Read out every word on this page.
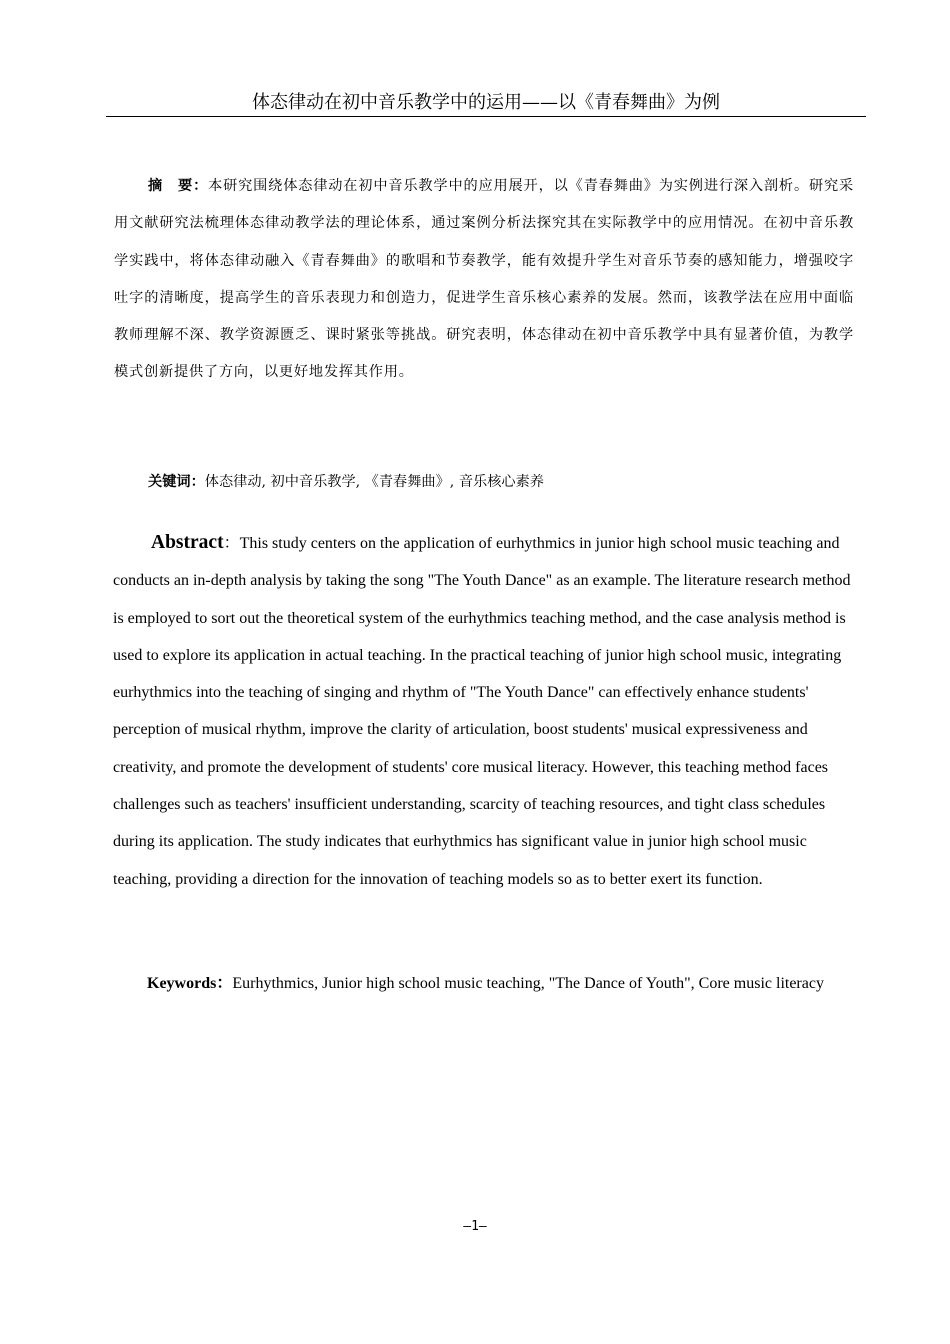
体态律动在初中音乐教学中的运用——以《青春舞曲》为例
摘　要：本研究围绕体态律动在初中音乐教学中的应用展开，以《青春舞曲》为实例进行深入剖析。研究采用文献研究法梳理体态律动教学法的理论体系，通过案例分析法探究其在实际教学中的应用情况。在初中音乐教学实践中，将体态律动融入《青春舞曲》的歌唱和节奏教学，能有效提升学生对音乐节奏的感知能力，增强咬字吐字的清晰度，提高学生的音乐表现力和创造力，促进学生音乐核心素养的发展。然而，该教学法在应用中面临教师理解不深、教学资源匮乏、课时紧张等挑战。研究表明，体态律动在初中音乐教学中具有显著价值，为教学模式创新提供了方向，以更好地发挥其作用。
关键词：体态律动, 初中音乐教学, 《青春舞曲》, 音乐核心素养
Abstract：This study centers on the application of eurhythmics in junior high school music teaching and conducts an in-depth analysis by taking the song "The Youth Dance" as an example. The literature research method is employed to sort out the theoretical system of the eurhythmics teaching method, and the case analysis method is used to explore its application in actual teaching. In the practical teaching of junior high school music, integrating eurhythmics into the teaching of singing and rhythm of "The Youth Dance" can effectively enhance students' perception of musical rhythm, improve the clarity of articulation, boost students' musical expressiveness and creativity, and promote the development of students' core musical literacy. However, this teaching method faces challenges such as teachers' insufficient understanding, scarcity of teaching resources, and tight class schedules during its application. The study indicates that eurhythmics has significant value in junior high school music teaching, providing a direction for the innovation of teaching models so as to better exert its function.
Keywords：Eurhythmics, Junior high school music teaching, "The Dance of Youth", Core music literacy
—1—
